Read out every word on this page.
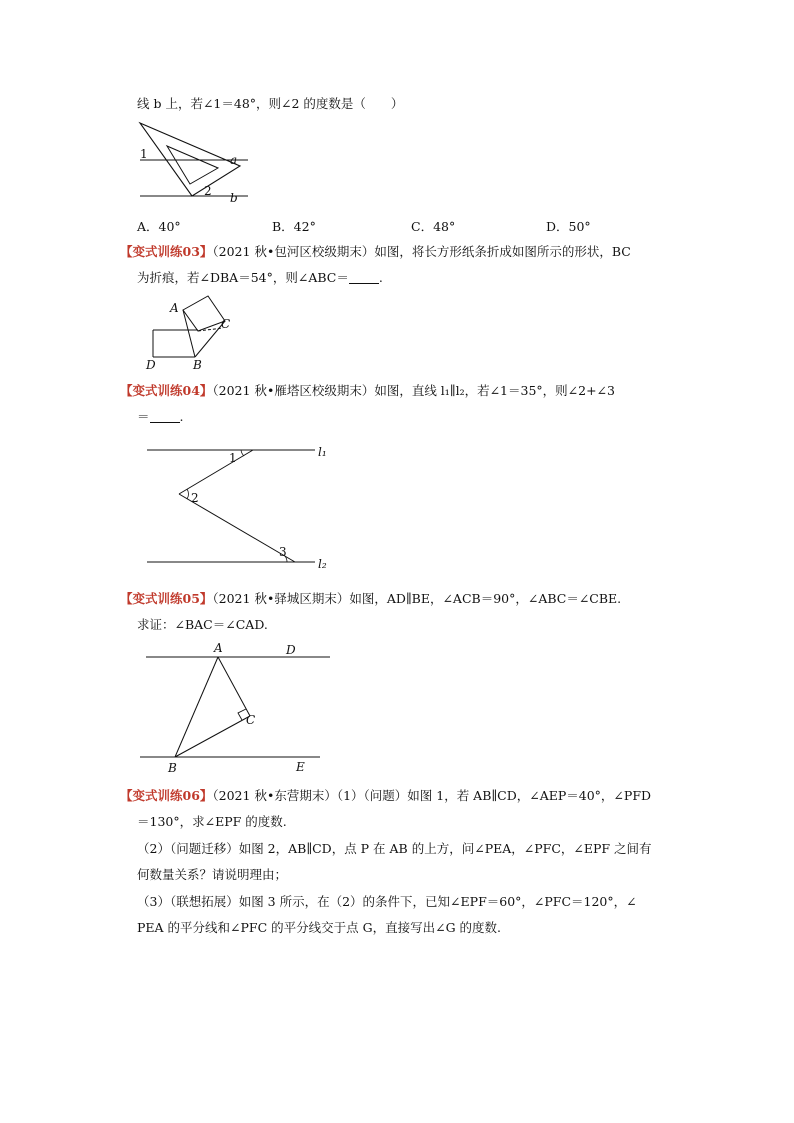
线 b 上，若∠1＝48°，则∠2 的度数是（　　）
1
2
a
b
A．40°	B．42°	C．48°	D．50°
【变式训练03】（2021 秋•包河区校级期末）如图，将长方形纸条折成如图所示的形状，BC
为折痕，若∠DBA＝54°，则∠ABC＝ .
A
C
D	B
【变式训练04】（2021 秋•雁塔区校级期末）如图，直线 l₁∥l₂，若∠1＝35°，则∠2+∠3
＝ .
1
2
3
l₁
l₂
【变式训练05】（2021 秋•驿城区期末）如图，AD∥BE，∠ACB＝90°，∠ABC＝∠CBE.
求证：∠BAC＝∠CAD.
A	D
C
B	E
【变式训练06】（2021 秋•东营期末）（1）（问题）如图 1，若 AB∥CD，∠AEP＝40°，∠PFD
＝130°，求∠EPF 的度数.
（2）（问题迁移）如图 2，AB∥CD，点 P 在 AB 的上方，问∠PEA，∠PFC，∠EPF 之间有
何数量关系？请说明理由；
（3）（联想拓展）如图 3 所示，在（2）的条件下，已知∠EPF＝60°，∠PFC＝120°，∠
PEA 的平分线和∠PFC 的平分线交于点 G，直接写出∠G 的度数.
